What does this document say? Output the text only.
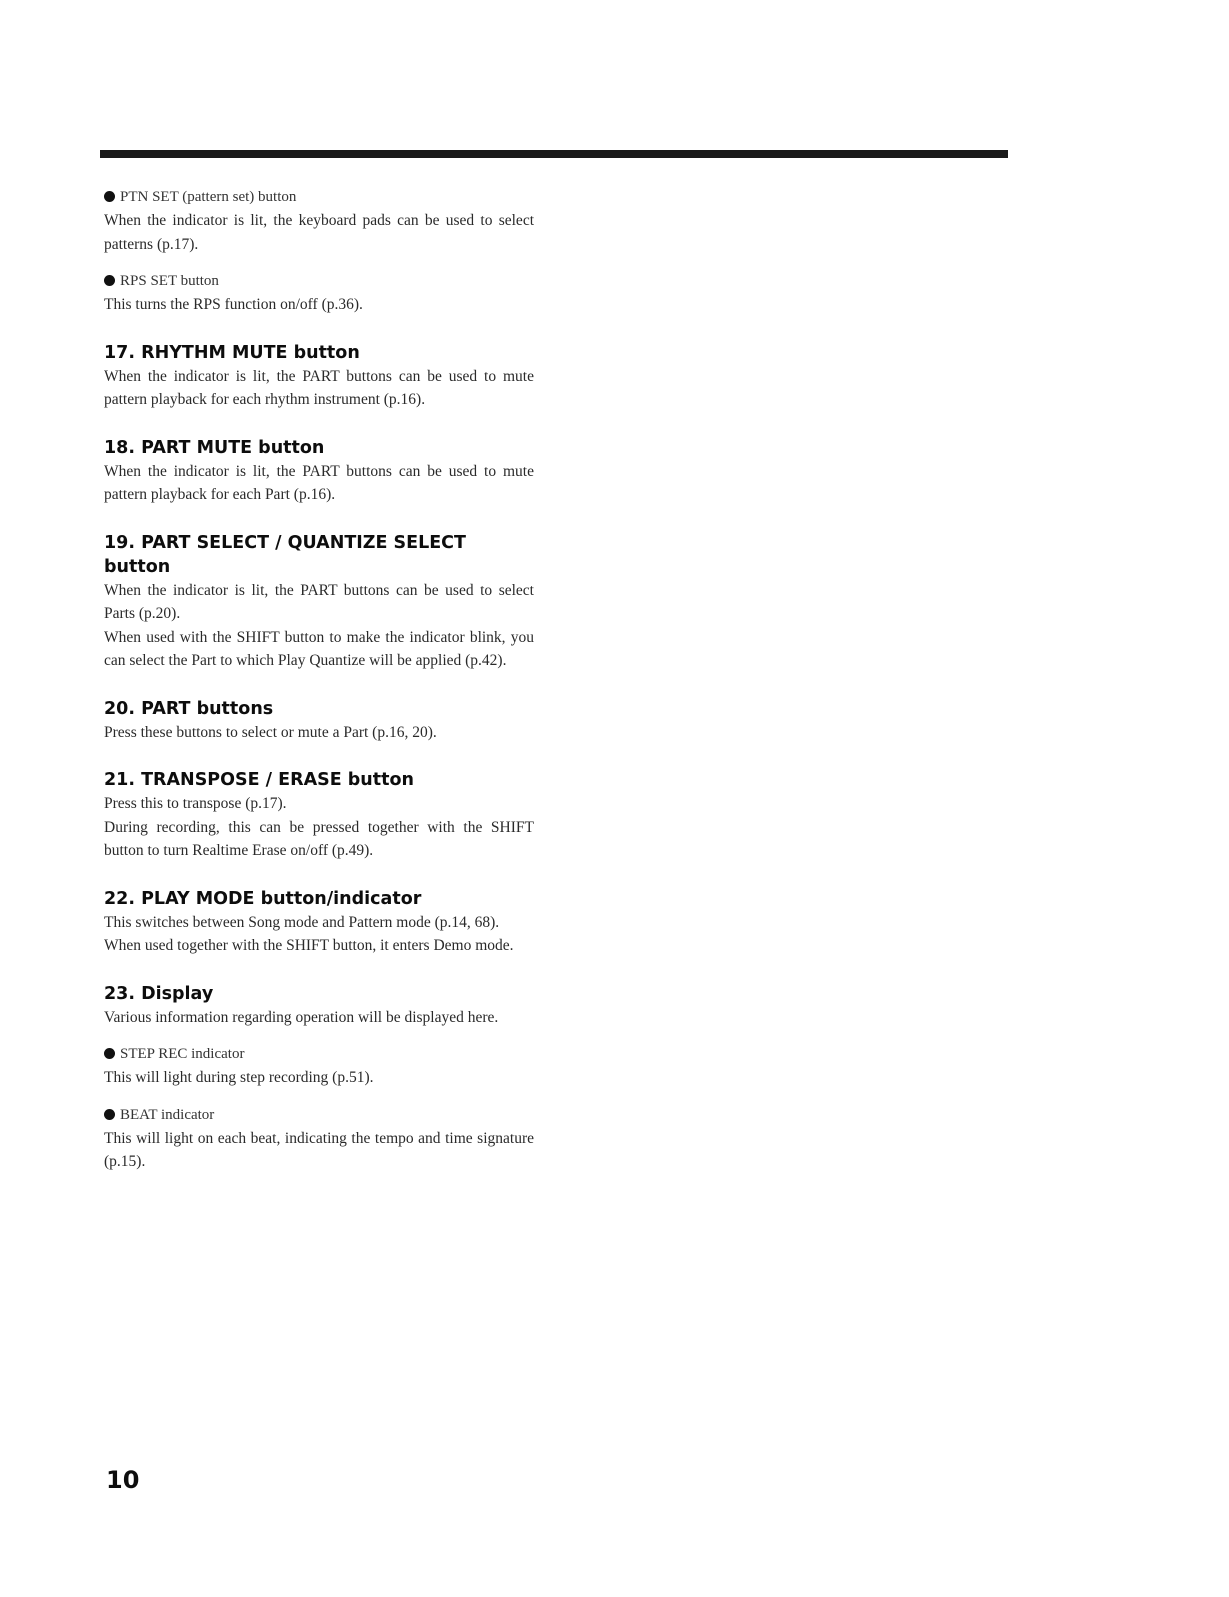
PTN SET (pattern set) button

When the indicator is lit, the keyboard pads can be used to select patterns (p.17).

RPS SET button

This turns the RPS function on/off (p.36).

17. RHYTHM MUTE button

When the indicator is lit, the PART buttons can be used to mute pattern playback for each rhythm instrument (p.16).

18. PART MUTE button

When the indicator is lit, the PART buttons can be used to mute pattern playback for each Part (p.16).

19. PART SELECT / QUANTIZE SELECT button

When the indicator is lit, the PART buttons can be used to select Parts (p.20).

When used with the SHIFT button to make the indicator blink, you can select the Part to which Play Quantize will be applied (p.42).

20. PART buttons

Press these buttons to select or mute a Part (p.16, 20).

21. TRANSPOSE / ERASE button

Press this to transpose (p.17).

During recording, this can be pressed together with the SHIFT button to turn Realtime Erase on/off (p.49).

22. PLAY MODE button/indicator

This switches between Song mode and Pattern mode (p.14, 68).

When used together with the SHIFT button, it enters Demo mode.

23. Display

Various information regarding operation will be displayed here.

STEP REC indicator

This will light during step recording (p.51).

BEAT indicator

This will light on each beat, indicating the tempo and time signature (p.15).

10
